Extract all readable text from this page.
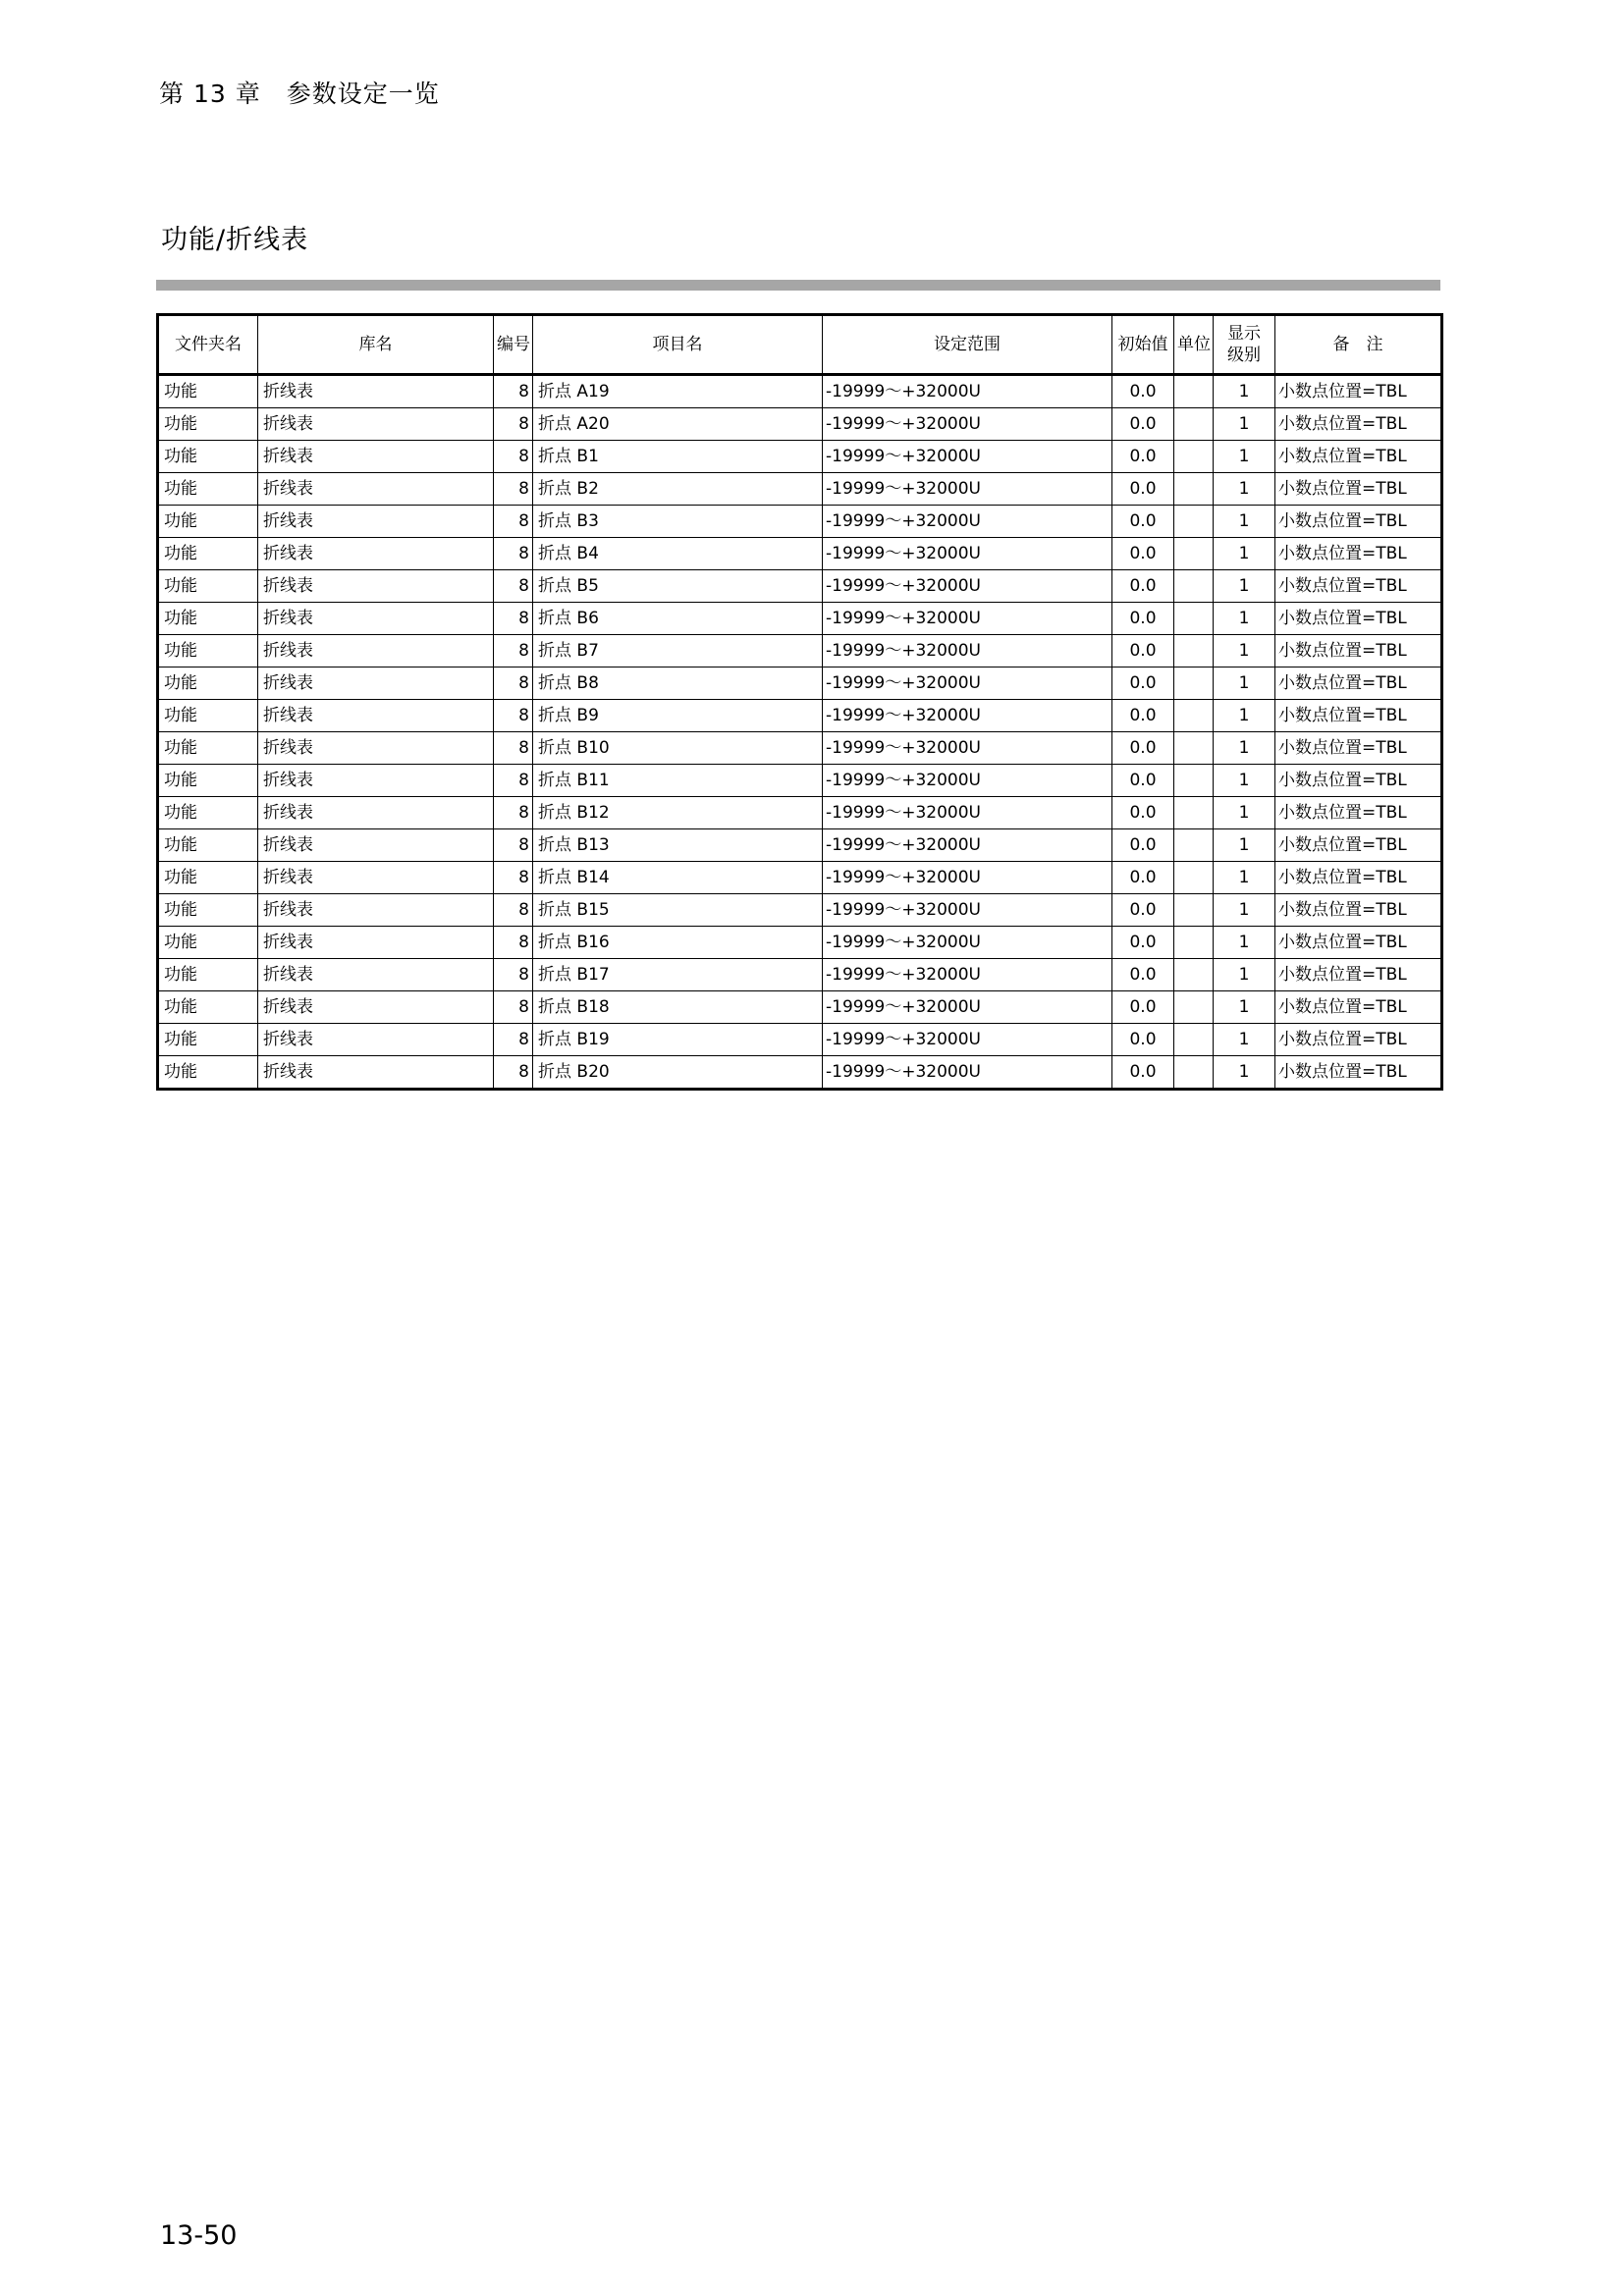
第 13 章　参数设定一览
功能/折线表
文件夹名	库名	编号	项目名	设定范围	初始值	单位	显示级别	备　注
功能	折线表	8	折点 A19	-19999～+32000U	0.0		1	小数点位置=TBL
功能	折线表	8	折点 A20	-19999～+32000U	0.0		1	小数点位置=TBL
功能	折线表	8	折点 B1	-19999～+32000U	0.0		1	小数点位置=TBL
功能	折线表	8	折点 B2	-19999～+32000U	0.0		1	小数点位置=TBL
功能	折线表	8	折点 B3	-19999～+32000U	0.0		1	小数点位置=TBL
功能	折线表	8	折点 B4	-19999～+32000U	0.0		1	小数点位置=TBL
功能	折线表	8	折点 B5	-19999～+32000U	0.0		1	小数点位置=TBL
功能	折线表	8	折点 B6	-19999～+32000U	0.0		1	小数点位置=TBL
功能	折线表	8	折点 B7	-19999～+32000U	0.0		1	小数点位置=TBL
功能	折线表	8	折点 B8	-19999～+32000U	0.0		1	小数点位置=TBL
功能	折线表	8	折点 B9	-19999～+32000U	0.0		1	小数点位置=TBL
功能	折线表	8	折点 B10	-19999～+32000U	0.0		1	小数点位置=TBL
功能	折线表	8	折点 B11	-19999～+32000U	0.0		1	小数点位置=TBL
功能	折线表	8	折点 B12	-19999～+32000U	0.0		1	小数点位置=TBL
功能	折线表	8	折点 B13	-19999～+32000U	0.0		1	小数点位置=TBL
功能	折线表	8	折点 B14	-19999～+32000U	0.0		1	小数点位置=TBL
功能	折线表	8	折点 B15	-19999～+32000U	0.0		1	小数点位置=TBL
功能	折线表	8	折点 B16	-19999～+32000U	0.0		1	小数点位置=TBL
功能	折线表	8	折点 B17	-19999～+32000U	0.0		1	小数点位置=TBL
功能	折线表	8	折点 B18	-19999～+32000U	0.0		1	小数点位置=TBL
功能	折线表	8	折点 B19	-19999～+32000U	0.0		1	小数点位置=TBL
功能	折线表	8	折点 B20	-19999～+32000U	0.0		1	小数点位置=TBL
13-50
